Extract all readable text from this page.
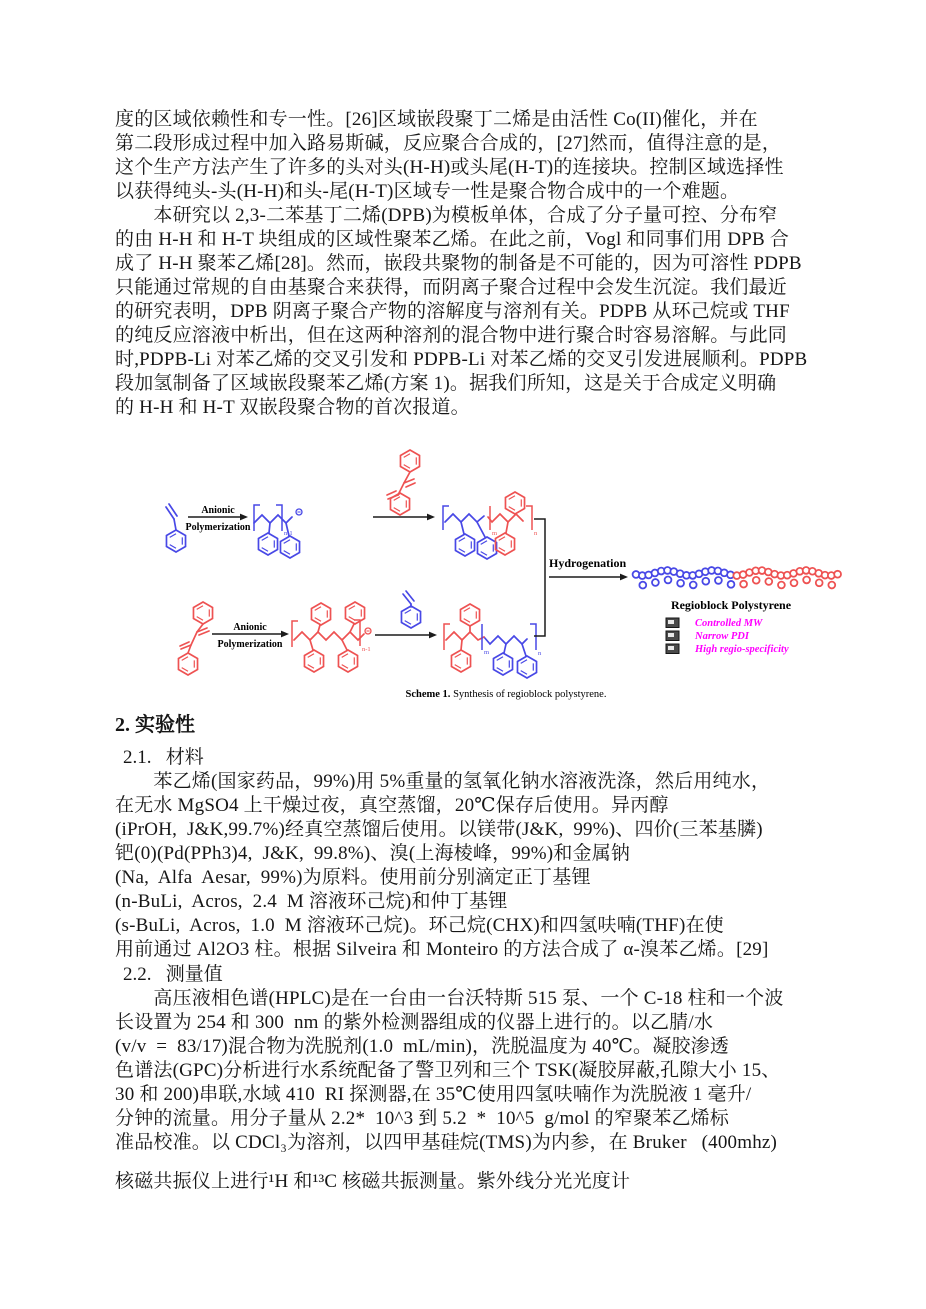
度的区域依赖性和专一性。[26]区域嵌段聚丁二烯是由活性 Co(II)催化，并在
第二段形成过程中加入路易斯碱，反应聚合合成的，[27]然而，值得注意的是，
这个生产方法产生了许多的头对头(H-H)或头尾(H-T)的连接块。控制区域选择性
以获得纯头-头(H-H)和头-尾(H-T)区域专一性是聚合物合成中的一个难题。
　　本研究以 2,3-二苯基丁二烯(DPB)为模板单体，合成了分子量可控、分布窄
的由 H-H 和 H-T 块组成的区域性聚苯乙烯。在此之前，Vogl 和同事们用 DPB 合
成了 H-H 聚苯乙烯[28]。然而，嵌段共聚物的制备是不可能的，因为可溶性 PDPB
只能通过常规的自由基聚合来获得，而阴离子聚合过程中会发生沉淀。我们最近
的研究表明，DPB 阴离子聚合产物的溶解度与溶剂有关。PDPB 从环己烷或 THF
的纯反应溶液中析出，但在这两种溶剂的混合物中进行聚合时容易溶解。与此同
时,PDPB-Li 对苯乙烯的交叉引发和 PDPB-Li 对苯乙烯的交叉引发进展顺利。PDPB
段加氢制备了区域嵌段聚苯乙烯(方案 1)。据我们所知，这是关于合成定义明确
的 H-H 和 H-T 双嵌段聚合物的首次报道。
n-1	m	n
n-1	m	n
Anionic
Polymerization
Anionic
Polymerization
Hydrogenation
Regioblock Polystyrene
Controlled MW
Narrow PDI
High regio-specificity
Scheme 1. Synthesis of regioblock polystyrene.
2. 实验性
2.1.   材料
　　苯乙烯(国家药品，99%)用 5%重量的氢氧化钠水溶液洗涤，然后用纯水，
在无水 MgSO4 上干燥过夜，真空蒸馏，20℃保存后使用。异丙醇
(iPrOH,  J&K,99.7%)经真空蒸馏后使用。以镁带(J&K,  99%)、四价(三苯基膦)
钯(0)(Pd(PPh3)4,  J&K,  99.8%)、溴(上海棱峰，99%)和金属钠
(Na,  Alfa  Aesar,  99%)为原料。使用前分别滴定正丁基锂
(n-BuLi,  Acros,  2.4  M 溶液环己烷)和仲丁基锂
(s-BuLi,  Acros,  1.0  M 溶液环己烷)。环己烷(CHX)和四氢呋喃(THF)在使
用前通过 Al2O3 柱。根据 Silveira 和 Monteiro 的方法合成了 α-溴苯乙烯。[29]
2.2.   测量值
　　高压液相色谱(HPLC)是在一台由一台沃特斯 515 泵、一个 C-18 柱和一个波
长设置为 254 和 300  nm 的紫外检测器组成的仪器上进行的。以乙腈/水
(v/v  =  83/17)混合物为洗脱剂(1.0  mL/min)，洗脱温度为 40℃。凝胶渗透
色谱法(GPC)分析进行水系统配备了警卫列和三个 TSK(凝胶屏蔽,孔隙大小 15、
30 和 200)串联,水域 410  RI 探测器,在 35℃使用四氢呋喃作为洗脱液 1 毫升/
分钟的流量。用分子量从 2.2*  10^3 到 5.2  *  10^5  g/mol 的窄聚苯乙烯标
准品校准。以 CDCl₃为溶剂，以四甲基硅烷(TMS)为内参，在 Bruker   (400mhz)
核磁共振仪上进行¹H 和¹³C 核磁共振测量。紫外线分光光度计
